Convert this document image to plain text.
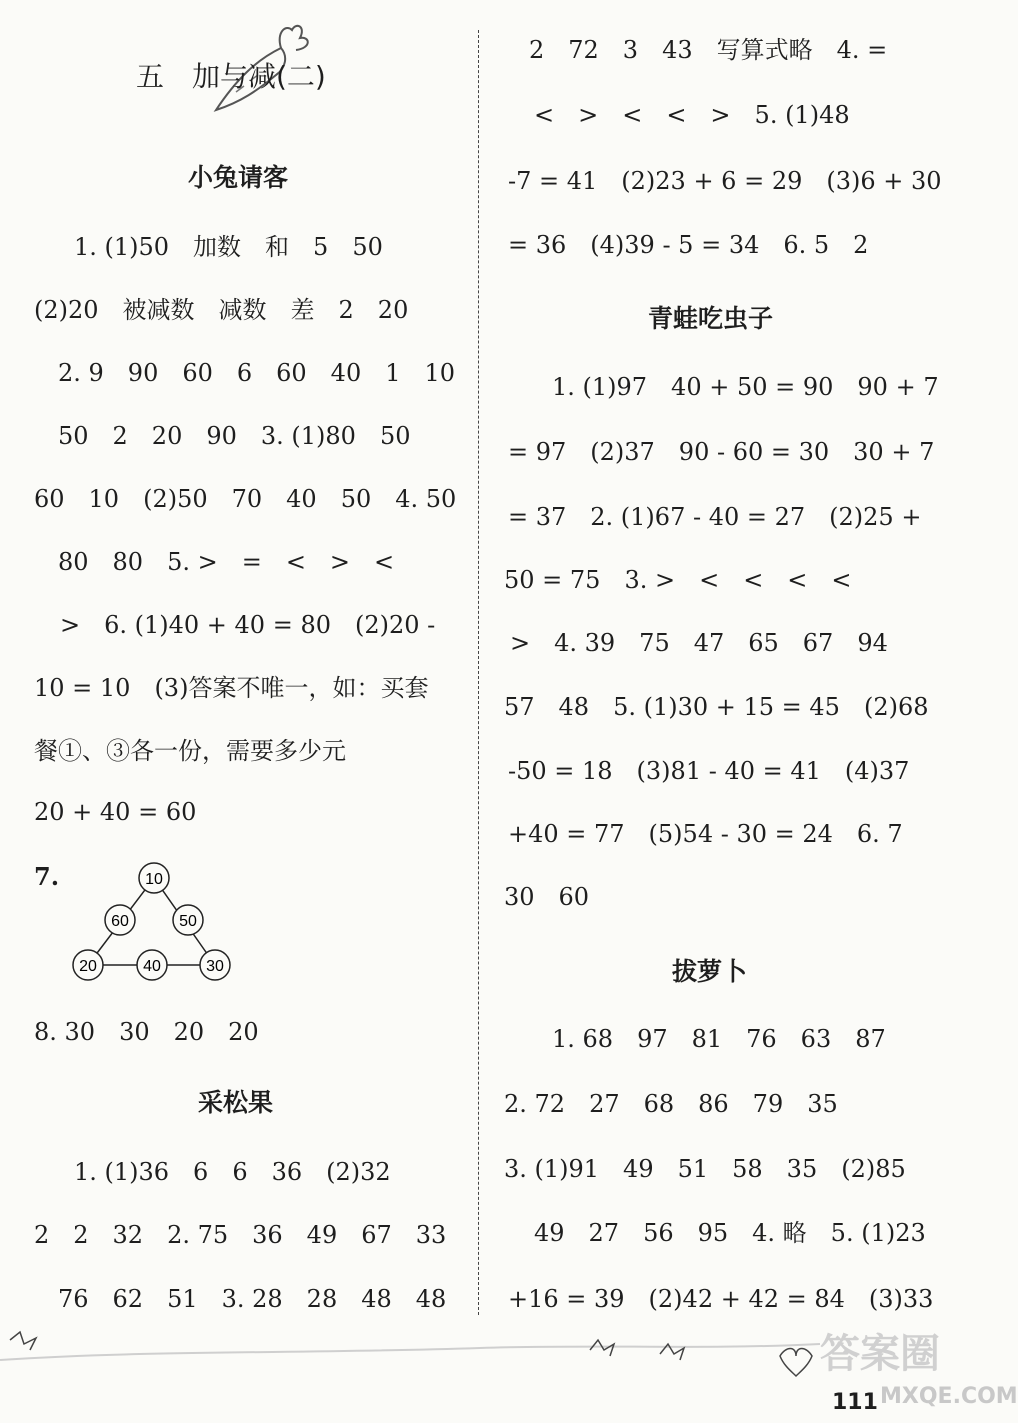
五　加与减(二)
小兔请客
　1. (1)50　加数　和　5　50
(2)20　被减数　减数　差　2　20
　2. 9　90　60　6　60　40　1　10
50　2　20　90　3. (1)80　50
60　10　(2)50　70　40　50　4. 50
80　80　5. >　=　<　>　<
>　6. (1)40 + 40 = 80　(2)20 -
10 = 10　(3)答案不唯一，如：买套
餐①、③各一份，需要多少元
20 + 40 = 60
7.	10
60	50
20	40	30
8. 30　30　20　20
采松果
　1. (1)36　6　6　36　(2)32
2　2　32　2. 75　36　49　67　33
　76　62　51　3. 28　28　48　48
　2　72　3　43　写算式略　4. =
　<　>　<　<　>　5. (1)48
-7 = 41　(2)23 + 6 = 29　(3)6 + 30
= 36　(4)39 - 5 = 34　6. 5　2
青蛙吃虫子
　1. (1)97　40 + 50 = 90　90 + 7
= 97　(2)37　90 - 60 = 30　30 + 7
= 37　2. (1)67 - 40 = 27　(2)25 +
50 = 75　3. >　<　<　<　<
>　4. 39　75　47　65　67　94
57　48　5. (1)30 + 15 = 45　(2)68
-50 = 18　(3)81 - 40 = 41　(4)37
+40 = 77　(5)54 - 30 = 24　6. 7
30　60
拔萝卜
　1. 68　97　81　76　63　87
2. 72　27　68　86　79　35
3. (1)91　49　51　58　35　(2)85
　49　27　56　95　4. 略　5. (1)23
+16 = 39　(2)42 + 42 = 84　(3)33
答案圈
MXQE.COM
111
